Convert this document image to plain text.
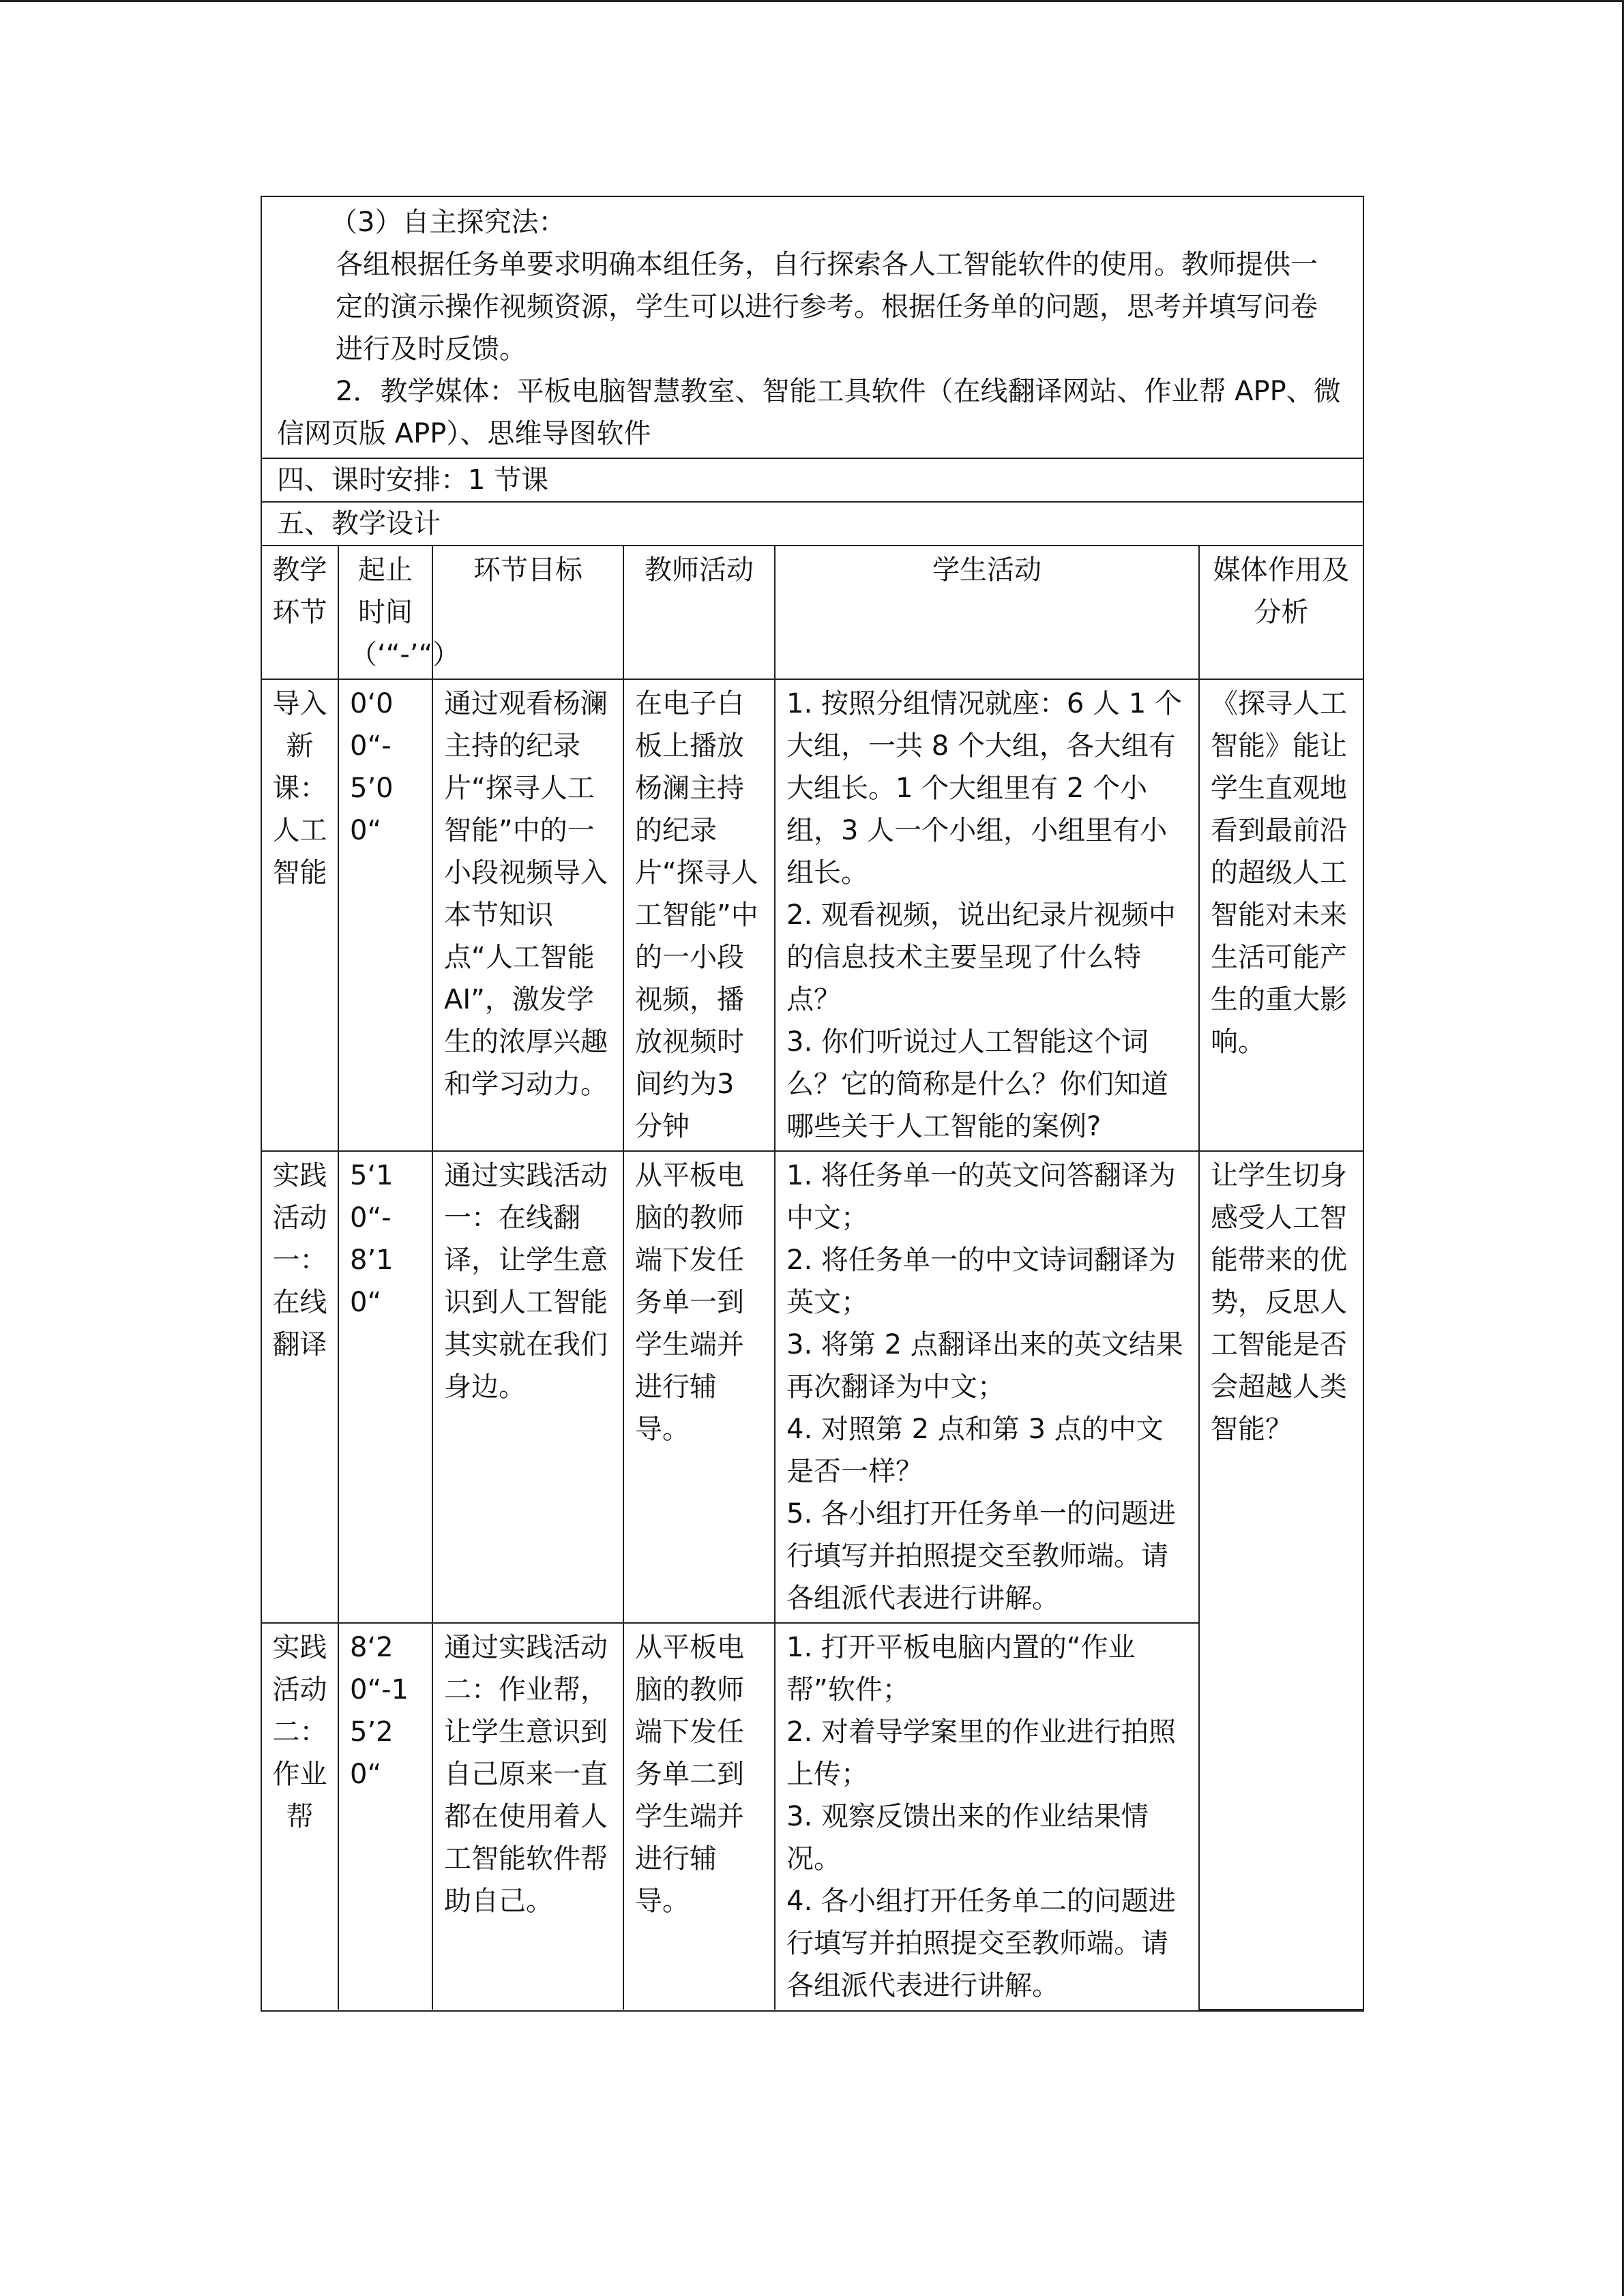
（3）自主探究法：
各组根据任务单要求明确本组任务，自行探索各人工智能软件的使用。教师提供一定的演示操作视频资源，学生可以进行参考。根据任务单的问题，思考并填写问卷进行及时反馈。
2．教学媒体：平板电脑智慧教室、智能工具软件（在线翻译网站、作业帮 APP、微信网页版 APP）、思维导图软件
四、课时安排：1 节课
五、教学设计
教学环节	起止时间（‘“-’“）	环节目标	教师活动	学生活动	媒体作用及分析
导入新课：人工智能	0‘00“-5’00“	通过观看杨澜主持的纪录片“探寻人工智能”中的一小段视频导入本节知识点“人工智能AI”，激发学生的浓厚兴趣和学习动力。	在电子白板上播放杨澜主持的纪录片“探寻人工智能”中的一小段视频，播放视频时间约为3 分钟	1. 按照分组情况就座：6 人 1 个大组，一共 8 个大组，各大组有大组长。1 个大组里有 2 个小组，3 人一个小组，小组里有小组长。
2. 观看视频，说出纪录片视频中的信息技术主要呈现了什么特点？
3. 你们听说过人工智能这个词么？它的简称是什么？你们知道哪些关于人工智能的案例?	《探寻人工智能》能让学生直观地看到最前沿的超级人工智能对未来生活可能产生的重大影响。
实践活动一：在线翻译	5‘10“-8’10“	通过实践活动一：在线翻译，让学生意识到人工智能其实就在我们身边。	从平板电脑的教师端下发任务单一到学生端并进行辅导。	1. 将任务单一的英文问答翻译为中文；
2. 将任务单一的中文诗词翻译为英文；
3. 将第 2 点翻译出来的英文结果再次翻译为中文；
4. 对照第 2 点和第 3 点的中文是否一样？
5. 各小组打开任务单一的问题进行填写并拍照提交至教师端。请各组派代表进行讲解。	让学生切身感受人工智能带来的优势，反思人工智能是否会超越人类智能？
实践活动二：作业帮	8‘20“-15’20“	通过实践活动二：作业帮，让学生意识到自己原来一直都在使用着人工智能软件帮助自己。	从平板电脑的教师端下发任务单二到学生端并进行辅导。	1. 打开平板电脑内置的“作业帮”软件；
2. 对着导学案里的作业进行拍照上传；
3. 观察反馈出来的作业结果情况。
4. 各小组打开任务单二的问题进行填写并拍照提交至教师端。请各组派代表进行讲解。	
